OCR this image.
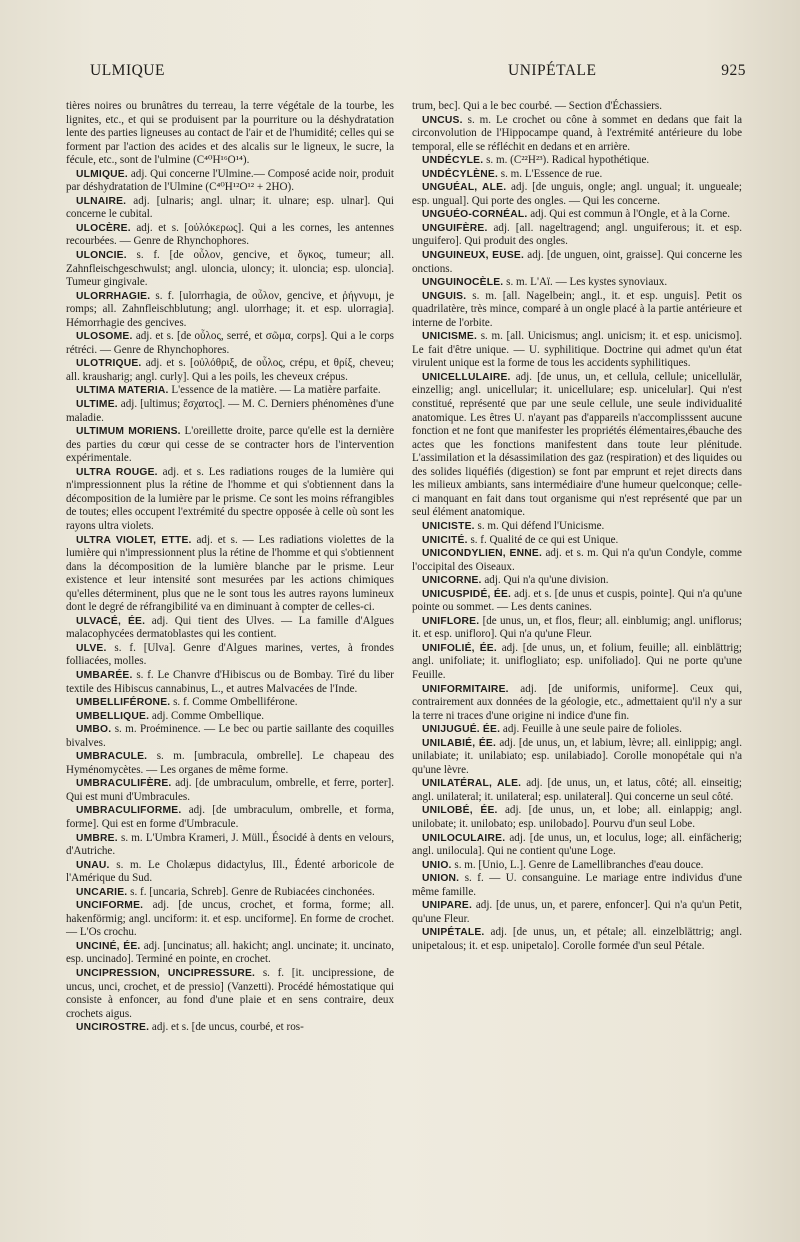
ULMIQUE	UNIPÉTALE	925

tières noires ou brunâtres du terreau, la terre végétale de la tourbe, les lignites, etc., et qui se produisent par la pourriture ou la déshydratation lente des parties ligneuses au contact de l'air et de l'humidité; celles qui se forment par l'action des acides et des alcalis sur le ligneux, le sucre, la fécule, etc., sont de l'ulmine (C⁴⁰H¹⁶O¹⁴).

ULMIQUE. adj. Qui concerne l'Ulmine.— Composé acide noir, produit par déshydratation de l'Ulmine (C⁴⁰H¹²O¹² + 2HO).

ULNAIRE. adj. [ulnaris; angl. ulnar; it. ulnare; esp. ulnar]. Qui concerne le cubital.

ULOCÈRE. adj. et s. [οὐλόκερως]. Qui a les cornes, les antennes recourbées. — Genre de Rhynchophores.

ULONCIE. s. f. [de οὖλον, gencive, et ὄγκος, tumeur; all. Zahnfleischgeschwulst; angl. uloncia, uloncy; it. uloncia; esp. uloncia]. Tumeur gingivale.

ULORRHAGIE. s. f. [ulorrhagia, de οὖλον, gencive, et ῥήγνυμι, je romps; all. Zahnfleischblutung; angl. ulorrhage; it. et esp. ulorragia]. Hémorrhagie des gencives.

ULOSOME. adj. et s. [de οὖλος, serré, et σῶμα, corps]. Qui a le corps rétréci. — Genre de Rhynchophores.

ULOTRIQUE. adj. et s. [οὐλόθριξ, de οὖλος, crépu, et θρίξ, cheveu; all. krausharig; angl. curly]. Qui a les poils, les cheveux crépus.

ULTIMA MATERIA. L'essence de la matière. — La matière parfaite.

ULTIME. adj. [ultimus; ἔσχατος]. — M. C. Derniers phénomènes d'une maladie.

ULTIMUM MORIENS. L'oreillette droite, parce qu'elle est la dernière des parties du cœur qui cesse de se contracter hors de l'intervention expérimentale.

ULTRA ROUGE. adj. et s. Les radiations rouges de la lumière qui n'impressionnent plus la rétine de l'homme et qui s'obtiennent dans la décomposition de la lumière par le prisme. Ce sont les moins réfrangibles de toutes; elles occupent l'extrémité du spectre opposée à celle où sont les rayons ultra violets.

ULTRA VIOLET, ETTE. adj. et s. — Les radiations violettes de la lumière qui n'impressionnent plus la rétine de l'homme et qui s'obtiennent dans la décomposition de la lumière blanche par le prisme. Leur existence et leur intensité sont mesurées par les actions chimiques qu'elles déterminent, plus que ne le sont tous les autres rayons lumineux dont le degré de réfrangibilité va en diminuant à compter de celles-ci.

ULVACÉ, ÉE. adj. Qui tient des Ulves. — La famille d'Algues malacophycées dermatoblastes qui les contient.

ULVE. s. f. [Ulva]. Genre d'Algues marines, vertes, à frondes folliacées, molles.

UMBARÉE. s. f. Le Chanvre d'Hibiscus ou de Bombay. Tiré du liber textile des Hibiscus cannabinus, L., et autres Malvacées de l'Inde.

UMBELLIFÉRONE. s. f. Comme Ombelliférone.

UMBELLIQUE. adj. Comme Ombellique.

UMBO. s. m. Proéminence. — Le bec ou partie saillante des coquilles bivalves.

UMBRACULE. s. m. [umbracula, ombrelle]. Le chapeau des Hyménomycètes. — Les organes de même forme.

UMBRACULIFÈRE. adj. [de umbraculum, ombrelle, et ferre, porter]. Qui est muni d'Umbracules.

UMBRACULIFORME. adj. [de umbraculum, ombrelle, et forma, forme]. Qui est en forme d'Umbracule.

UMBRE. s. m. L'Umbra Krameri, J. Müll., Ésocidé à dents en velours, d'Autriche.

UNAU. s. m. Le Cholæpus didactylus, Ill., Édenté arboricole de l'Amérique du Sud.

UNCARIE. s. f. [uncaria, Schreb]. Genre de Rubiacées cinchonées.

UNCIFORME. adj. [de uncus, crochet, et forma, forme; all. hakenförmig; angl. unciform: it. et esp. unciforme]. En forme de crochet. — L'Os crochu.

UNCINÉ, ÉE. adj. [uncinatus; all. hakicht; angl. uncinate; it. uncinato, esp. uncinado]. Terminé en pointe, en crochet.

UNCIPRESSION, UNCIPRESSURE. s. f. [it. uncipressione, de uncus, unci, crochet, et de pressio] (Vanzetti). Procédé hémostatique qui consiste à enfoncer, au fond d'une plaie et en sens contraire, deux crochets aigus.

UNCIROSTRE. adj. et s. [de uncus, courbé, et ros-

trum, bec]. Qui a le bec courbé. — Section d'Échassiers.

UNCUS. s. m. Le crochet ou cône à sommet en dedans que fait la circonvolution de l'Hippocampe quand, à l'extrémité antérieure du lobe temporal, elle se réfléchit en dedans et en arrière.

UNDÉCYLE. s. m. (C²²H²³). Radical hypothétique.

UNDÉCYLÈNE. s. m. L'Essence de rue.

UNGUÉAL, ALE. adj. [de unguis, ongle; angl. ungual; it. ungueale; esp. ungual]. Qui porte des ongles. — Qui les concerne.

UNGUÉO-CORNÉAL. adj. Qui est commun à l'Ongle, et à la Corne.

UNGUIFÈRE. adj. [all. nageltragend; angl. unguiferous; it. et esp. unguifero]. Qui produit des ongles.

UNGUINEUX, EUSE. adj. [de unguen, oint, graisse]. Qui concerne les onctions.

UNGUINOCÈLE. s. m. L'Aï. — Les kystes synoviaux.

UNGUIS. s. m. [all. Nagelbein; angl., it. et esp. unguis]. Petit os quadrilatère, très mince, comparé à un ongle placé à la partie antérieure et interne de l'orbite.

UNICISME. s. m. [all. Unicismus; angl. unicism; it. et esp. unicismo]. Le fait d'être unique. — U. syphilitique. Doctrine qui admet qu'un état virulent unique est la forme de tous les accidents syphilitiques.

UNICELLULAIRE. adj. [de unus, un, et cellula, cellule; unicellulär, einzellig; angl. unicellular; it. unicellulare; esp. unicelular]. Qui n'est constitué, représenté que par une seule cellule, une seule individualité anatomique. Les êtres U. n'ayant pas d'appareils n'accomplisssent aucune fonction et ne font que manifester les propriétés élémentaires,ébauche des actes que les fonctions manifestent dans toute leur plénitude. L'assimilation et la désassimilation des gaz (respiration) et des liquides ou des solides liquéfiés (digestion) se font par emprunt et rejet directs dans les milieux ambiants, sans intermédiaire d'une humeur quelconque; celle-ci manquant en fait dans tout organisme qui n'est représenté que par un seul élément anatomique.

UNICISTE. s. m. Qui défend l'Unicisme.

UNICITÉ. s. f. Qualité de ce qui est Unique.

UNICONDYLIEN, ENNE. adj. et s. m. Qui n'a qu'un Condyle, comme l'occipital des Oiseaux.

UNICORNE. adj. Qui n'a qu'une division.

UNICUSPIDÉ, ÉE. adj. et s. [de unus et cuspis, pointe]. Qui n'a qu'une pointe ou sommet. — Les dents canines.

UNIFLORE. [de unus, un, et flos, fleur; all. einblumig; angl. uniflorus; it. et esp. unifloro]. Qui n'a qu'une Fleur.

UNIFOLIÉ, ÉE. adj. [de unus, un, et folium, feuille; all. einblättrig; angl. unifoliate; it. uniflogliato; esp. unifoliado]. Qui ne porte qu'une Feuille.

UNIFORMITAIRE. adj. [de uniformis, uniforme]. Ceux qui, contrairement aux données de la géologie, etc., admettaient qu'il n'y a sur la terre ni traces d'une origine ni indice d'une fin.

UNIJUGUÉ. ÉE. adj. Feuille à une seule paire de folioles.

UNILABIÉ, ÉE. adj. [de unus, un, et labium, lèvre; all. einlippig; angl. unilabiate; it. unilabiato; esp. unilabiado]. Corolle monopétale qui n'a qu'une lèvre.

UNILATÉRAL, ALE. adj. [de unus, un, et latus, côté; all. einseitig; angl. unilateral; it. unilateral; esp. unilateral]. Qui concerne un seul côté.

UNILOBÉ, ÉE. adj. [de unus, un, et lobe; all. einlappig; angl. unilobate; it. unilobato; esp. unilobado]. Pourvu d'un seul Lobe.

UNILOCULAIRE. adj. [de unus, un, et loculus, loge; all. einfächerig; angl. unilocula]. Qui ne contient qu'une Loge.

UNIO. s. m. [Unio, L.]. Genre de Lamellibranches d'eau douce.

UNION. s. f. — U. consanguine. Le mariage entre individus d'une même famille.

UNIPARE. adj. [de unus, un, et parere, enfoncer]. Qui n'a qu'un Petit, qu'une Fleur.

UNIPÉTALE. adj. [de unus, un, et pétale; all. einzelblättrig; angl. unipetalous; it. et esp. unipetalo]. Corolle formée d'un seul Pétale.
